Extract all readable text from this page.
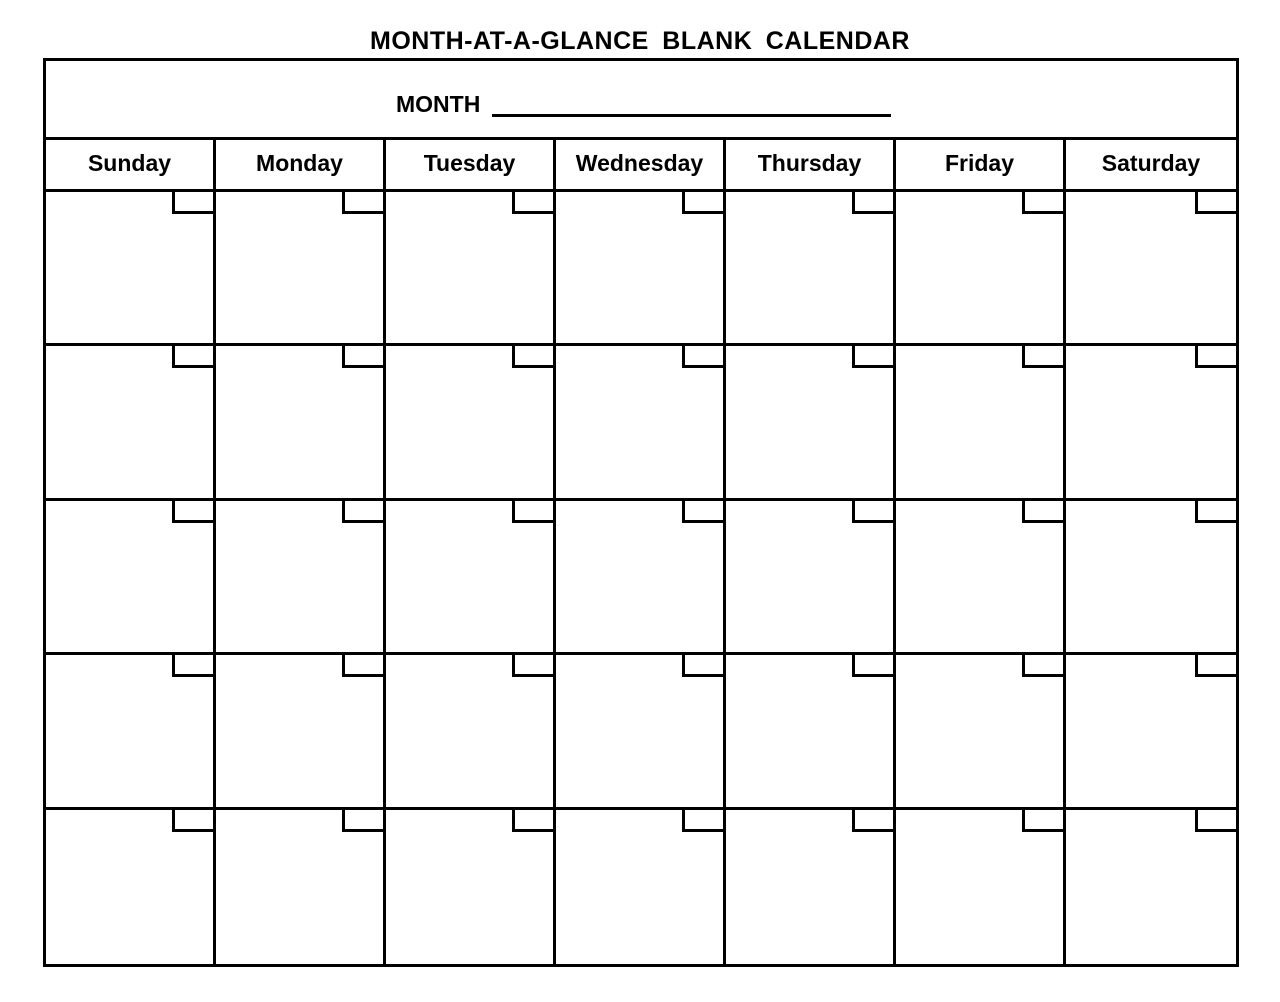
MONTH-AT-A-GLANCE BLANK CALENDAR
MONTH
Sunday	Monday	Tuesday	Wednesday	Thursday	Friday	Saturday
